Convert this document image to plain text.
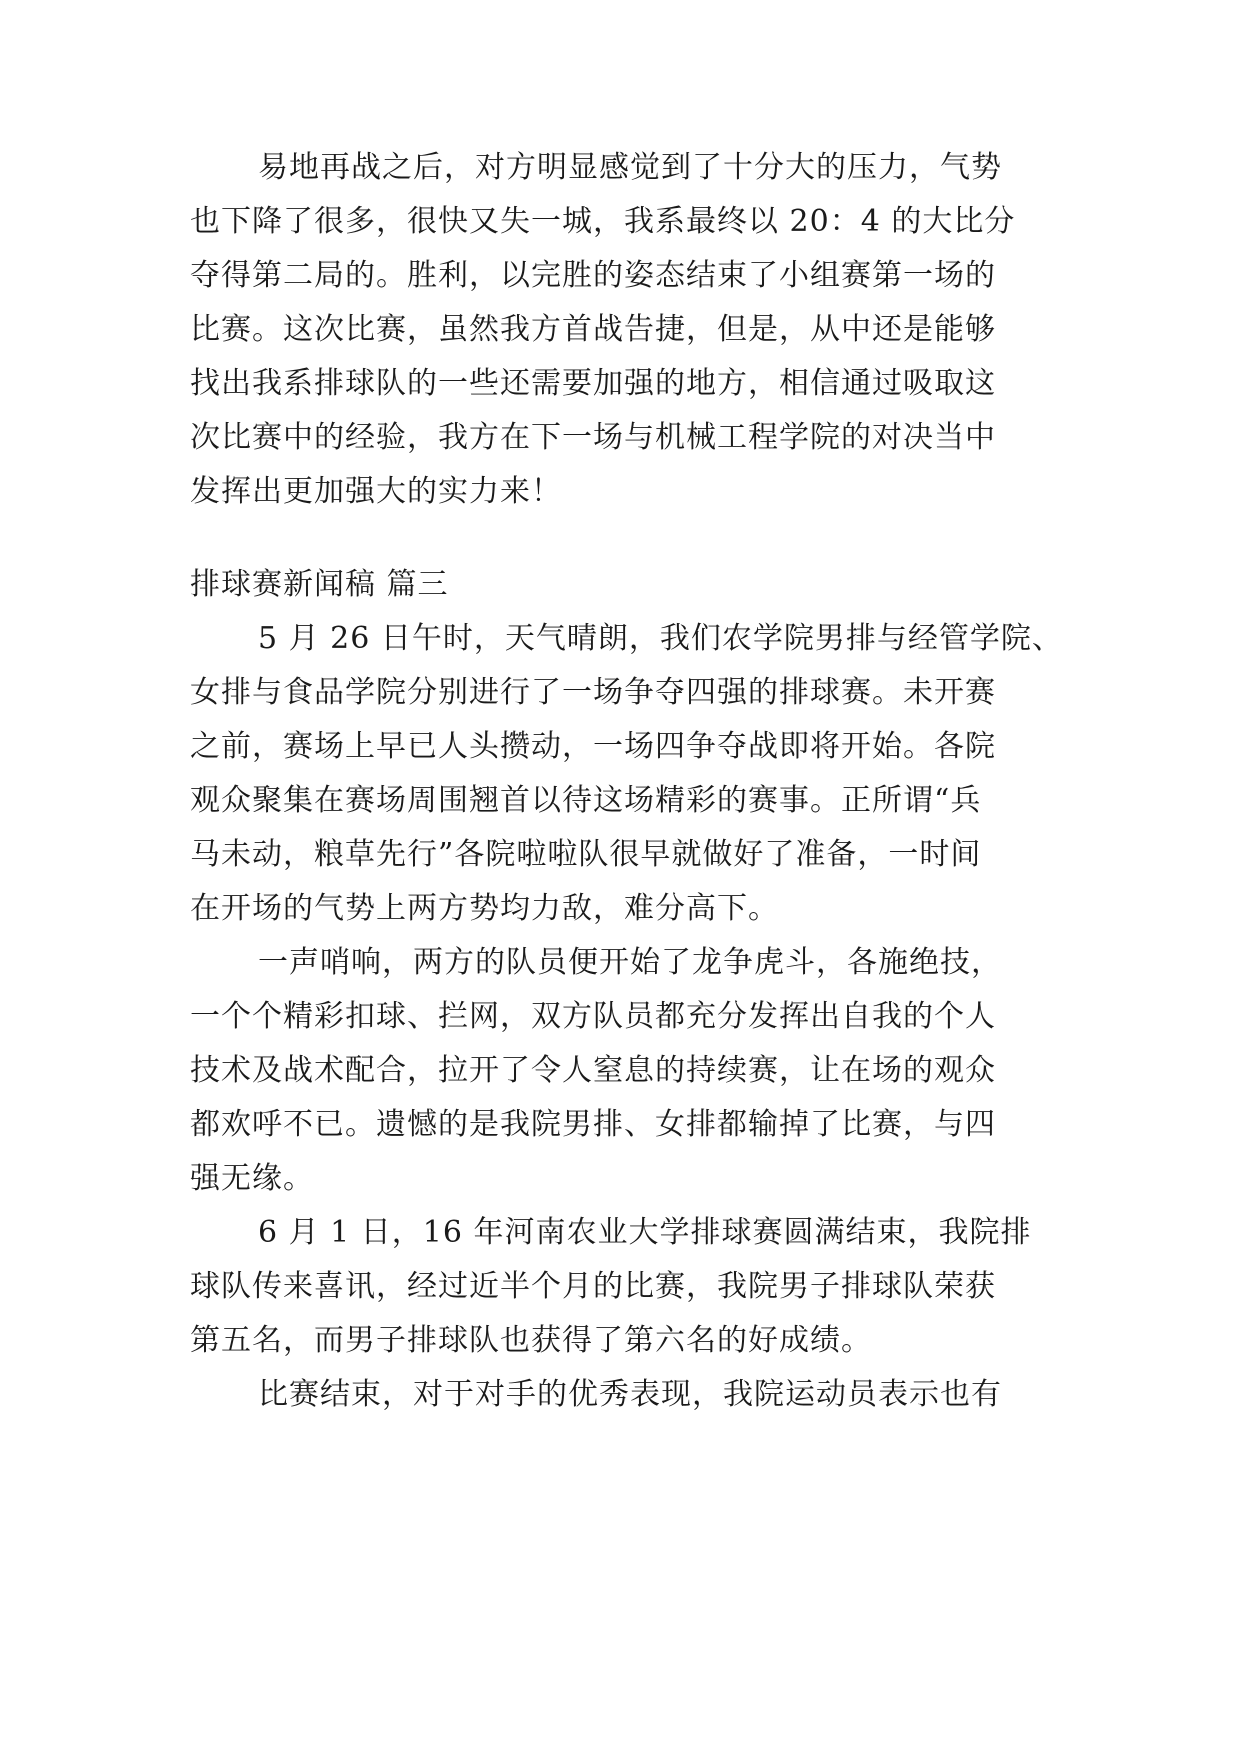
易地再战之后，对方明显感觉到了十分大的压力，气势
也下降了很多，很快又失一城，我系最终以 20：4 的大比分
夺得第二局的。胜利，以完胜的姿态结束了小组赛第一场的
比赛。这次比赛，虽然我方首战告捷，但是，从中还是能够
找出我系排球队的一些还需要加强的地方，相信通过吸取这
次比赛中的经验，我方在下一场与机械工程学院的对决当中
发挥出更加强大的实力来！
排球赛新闻稿 篇三
5 月 26 日午时，天气晴朗，我们农学院男排与经管学院、
女排与食品学院分别进行了一场争夺四强的排球赛。未开赛
之前，赛场上早已人头攒动，一场四争夺战即将开始。各院
观众聚集在赛场周围翘首以待这场精彩的赛事。正所谓“兵
马未动，粮草先行”各院啦啦队很早就做好了准备，一时间
在开场的气势上两方势均力敌，难分高下。
一声哨响，两方的队员便开始了龙争虎斗，各施绝技，
一个个精彩扣球、拦网，双方队员都充分发挥出自我的个人
技术及战术配合，拉开了令人窒息的持续赛，让在场的观众
都欢呼不已。遗憾的是我院男排、女排都输掉了比赛，与四
强无缘。
6 月 1 日，16 年河南农业大学排球赛圆满结束，我院排
球队传来喜讯，经过近半个月的比赛，我院男子排球队荣获
第五名，而男子排球队也获得了第六名的好成绩。
比赛结束，对于对手的优秀表现，我院运动员表示也有
